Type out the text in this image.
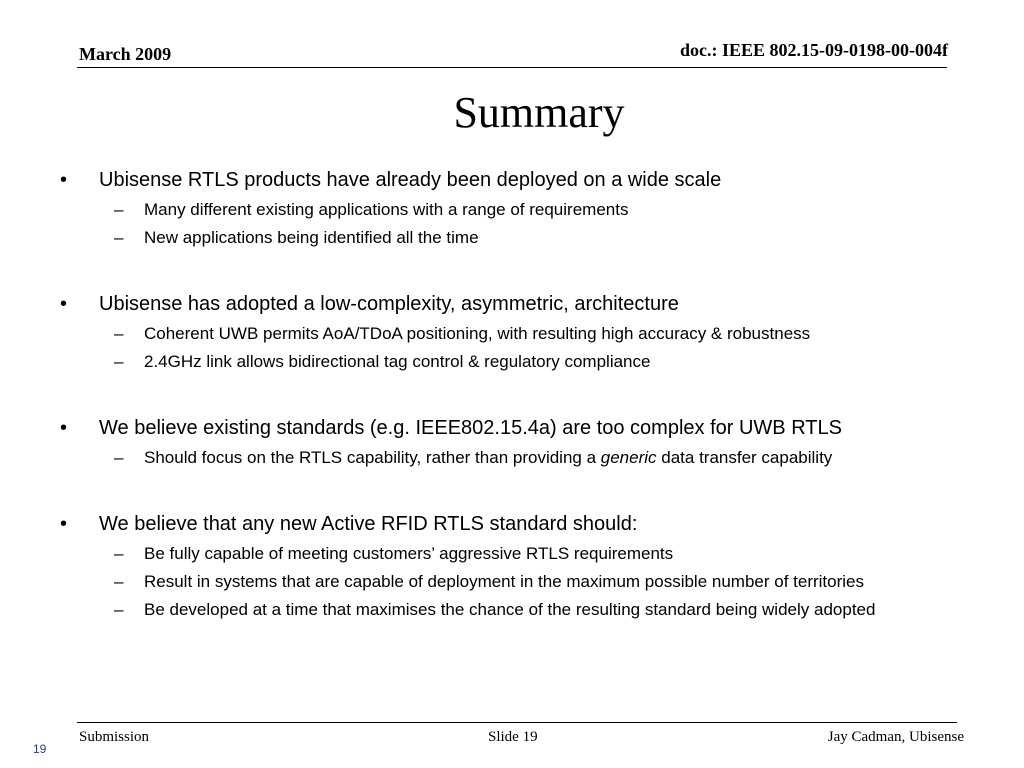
March 2009	doc.: IEEE 802.15-09-0198-00-004f
Summary
• Ubisense RTLS products have already been deployed on a wide scale
– Many different existing applications with a range of requirements
– New applications being identified all the time
• Ubisense has adopted a low-complexity, asymmetric, architecture
– Coherent UWB permits AoA/TDoA positioning, with resulting high accuracy & robustness
– 2.4GHz link allows bidirectional tag control & regulatory compliance
• We believe existing standards (e.g. IEEE802.15.4a) are too complex for UWB RTLS
– Should focus on the RTLS capability, rather than providing a generic data transfer capability
• We believe that any new Active RFID RTLS standard should:
– Be fully capable of meeting customers’ aggressive RTLS requirements
– Result in systems that are capable of deployment in the maximum possible number of territories
– Be developed at a time that maximises the chance of the resulting standard being widely adopted
Submission	Slide 19	Jay Cadman, Ubisense
19
